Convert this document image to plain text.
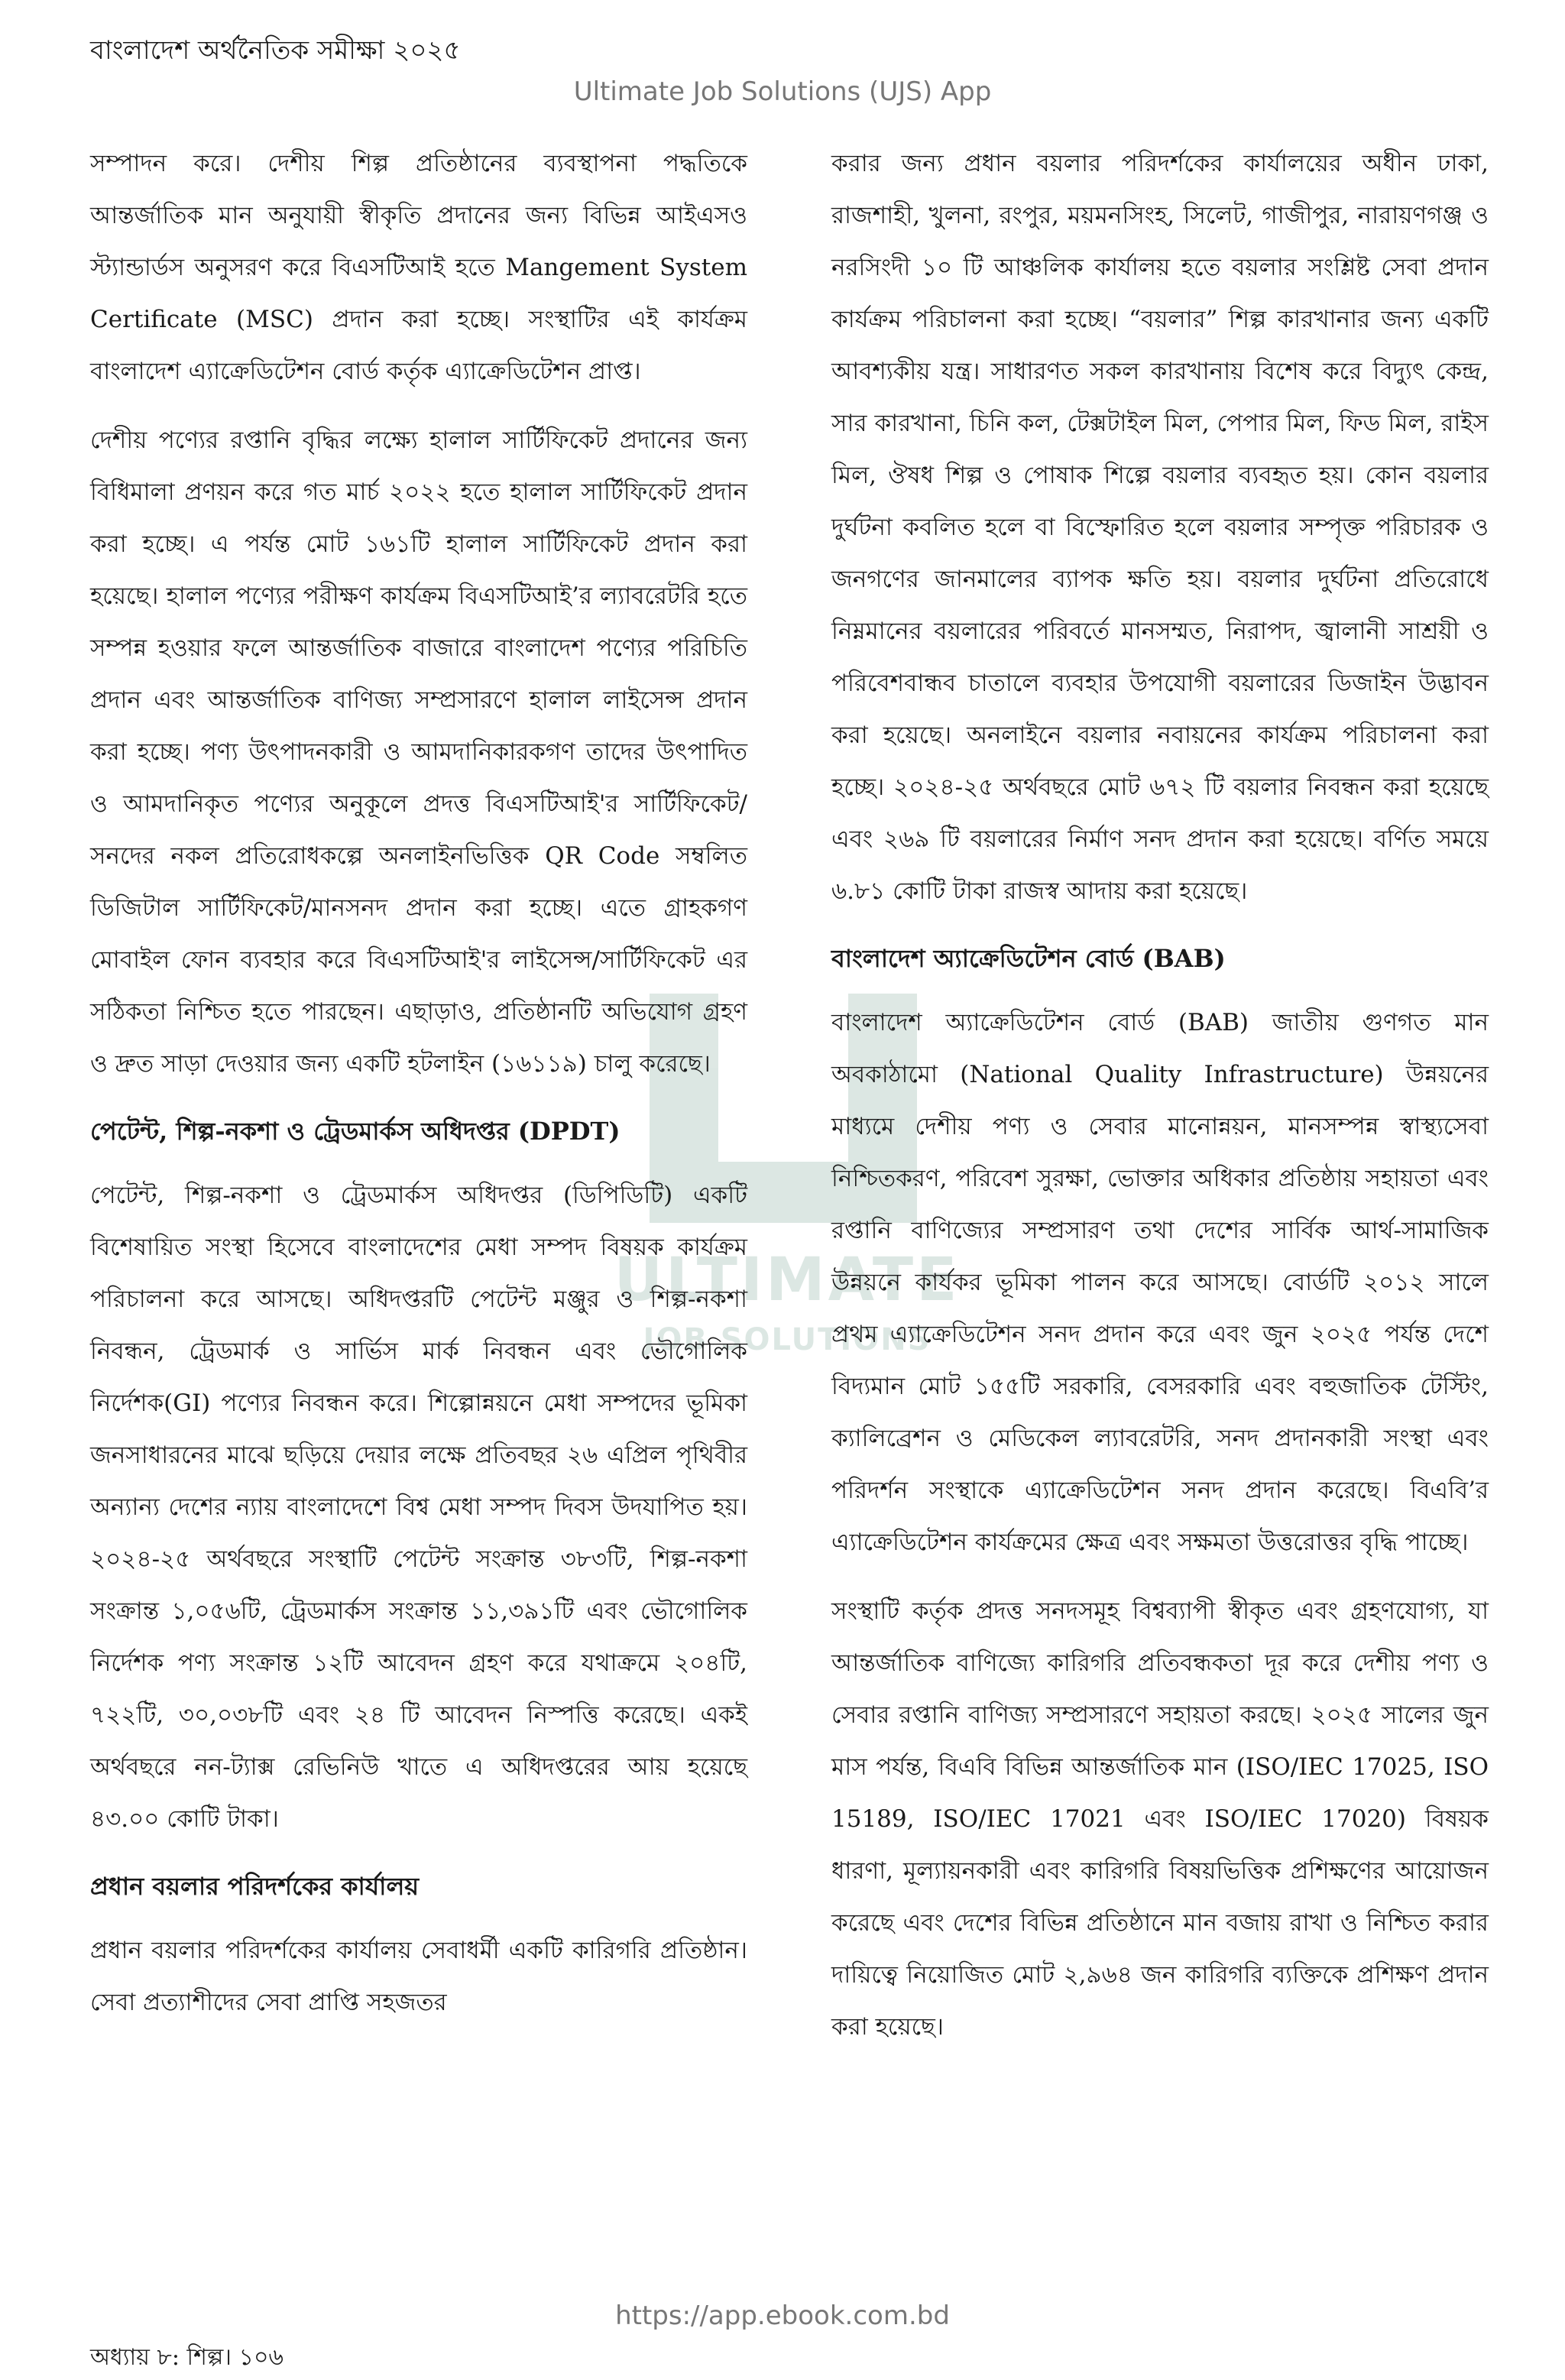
বাংলাদেশ অর্থনৈতিক সমীক্ষা ২০২৫
Ultimate Job Solutions (UJS) App
ULTIMATE
JOB SOLUTIONS

সম্পাদন করে। দেশীয় শিল্প প্রতিষ্ঠানের ব্যবস্থাপনা পদ্ধতিকে আন্তর্জাতিক মান অনুযায়ী স্বীকৃতি প্রদানের জন্য বিভিন্ন আইএসও স্ট্যান্ডার্ডস অনুসরণ করে বিএসটিআই হতে Mangement System Certificate (MSC) প্রদান করা হচ্ছে। সংস্থাটির এই কার্যক্রম বাংলাদেশ এ্যাক্রেডিটেশন বোর্ড কর্তৃক এ্যাক্রেডিটেশন প্রাপ্ত।

দেশীয় পণ্যের রপ্তানি বৃদ্ধির লক্ষ্যে হালাল সার্টিফিকেট প্রদানের জন্য বিধিমালা প্রণয়ন করে গত মার্চ ২০২২ হতে হালাল সার্টিফিকেট প্রদান করা হচ্ছে। এ পর্যন্ত মোট ১৬১টি হালাল সার্টিফিকেট প্রদান করা হয়েছে। হালাল পণ্যের পরীক্ষণ কার্যক্রম বিএসটিআই’র ল্যাবরেটরি হতে সম্পন্ন হওয়ার ফলে আন্তর্জাতিক বাজারে বাংলাদেশ পণ্যের পরিচিতি প্রদান এবং আন্তর্জাতিক বাণিজ্য সম্প্রসারণে হালাল লাইসেন্স প্রদান করা হচ্ছে। পণ্য উৎপাদনকারী ও আমদানিকারকগণ তাদের উৎপাদিত ও আমদানিকৃত পণ্যের অনুকূলে প্রদত্ত বিএসটিআই'র সার্টিফিকেট/সনদের নকল প্রতিরোধকল্পে অনলাইনভিত্তিক QR Code সম্বলিত ডিজিটাল সার্টিফিকেট/মানসনদ প্রদান করা হচ্ছে। এতে গ্রাহকগণ মোবাইল ফোন ব্যবহার করে বিএসটিআই'র লাইসেন্স/সার্টিফিকেট এর সঠিকতা নিশ্চিত হতে পারছেন। এছাড়াও, প্রতিষ্ঠানটি অভিযোগ গ্রহণ ও দ্রুত সাড়া দেওয়ার জন্য একটি হটলাইন (১৬১১৯) চালু করেছে।

পেটেন্ট, শিল্প-নকশা ও ট্রেডমার্কস অধিদপ্তর (DPDT)

পেটেন্ট, শিল্প-নকশা ও ট্রেডমার্কস অধিদপ্তর (ডিপিডিটি) একটি বিশেষায়িত সংস্থা হিসেবে বাংলাদেশের মেধা সম্পদ বিষয়ক কার্যক্রম পরিচালনা করে আসছে। অধিদপ্তরটি পেটেন্ট মঞ্জুর ও শিল্প-নকশা নিবন্ধন, ট্রেডমার্ক ও সার্ভিস মার্ক নিবন্ধন এবং ভৌগোলিক নির্দেশক(GI) পণ্যের নিবন্ধন করে। শিল্পোন্নয়নে মেধা সম্পদের ভূমিকা জনসাধারনের মাঝে ছড়িয়ে দেয়ার লক্ষে প্রতিবছর ২৬ এপ্রিল পৃথিবীর অন্যান্য দেশের ন্যায় বাংলাদেশে বিশ্ব মেধা সম্পদ দিবস উদযাপিত হয়। ২০২৪-২৫ অর্থবছরে সংস্থাটি পেটেন্ট সংক্রান্ত ৩৮৩টি, শিল্প-নকশা সংক্রান্ত ১,০৫৬টি, ট্রেডমার্কস সংক্রান্ত ১১,৩৯১টি এবং ভৌগোলিক নির্দেশক পণ্য সংক্রান্ত ১২টি আবেদন গ্রহণ করে যথাক্রমে ২০৪টি, ৭২২টি, ৩০,০৩৮টি এবং ২৪ টি আবেদন নিস্পত্তি করেছে। একই অর্থবছরে নন-ট্যাক্স রেভিনিউ খাতে এ অধিদপ্তরের আয় হয়েছে ৪৩.০০ কোটি টাকা।

প্রধান বয়লার পরিদর্শকের কার্যালয়

প্রধান বয়লার পরিদর্শকের কার্যালয় সেবাধর্মী একটি কারিগরি প্রতিষ্ঠান। সেবা প্রত্যাশীদের সেবা প্রাপ্তি সহজতর

করার জন্য প্রধান বয়লার পরিদর্শকের কার্যালয়ের অধীন ঢাকা, রাজশাহী, খুলনা, রংপুর, ময়মনসিংহ, সিলেট, গাজীপুর, নারায়ণগঞ্জ ও নরসিংদী ১০ টি আঞ্চলিক কার্যালয় হতে বয়লার সংশ্লিষ্ট সেবা প্রদান কার্যক্রম পরিচালনা করা হচ্ছে। “বয়লার” শিল্প কারখানার জন্য একটি আবশ্যকীয় যন্ত্র। সাধারণত সকল কারখানায় বিশেষ করে বিদ্যুৎ কেন্দ্র, সার কারখানা, চিনি কল, টেক্সটাইল মিল, পেপার মিল, ফিড মিল, রাইস মিল, ঔষধ শিল্প ও পোষাক শিল্পে বয়লার ব্যবহৃত হয়। কোন বয়লার দুর্ঘটনা কবলিত হলে বা বিস্ফোরিত হলে বয়লার সম্পৃক্ত পরিচারক ও জনগণের জানমালের ব্যাপক ক্ষতি হয়। বয়লার দুর্ঘটনা প্রতিরোধে নিম্নমানের বয়লারের পরিবর্তে মানসম্মত, নিরাপদ, জ্বালানী সাশ্রয়ী ও পরিবেশবান্ধব চাতালে ব্যবহার উপযোগী বয়লারের ডিজাইন উদ্ভাবন করা হয়েছে। অনলাইনে বয়লার নবায়নের কার্যক্রম পরিচালনা করা হচ্ছে। ২০২৪-২৫ অর্থবছরে মোট ৬৭২ টি বয়লার নিবন্ধন করা হয়েছে এবং ২৬৯ টি বয়লারের নির্মাণ সনদ প্রদান করা হয়েছে। বর্ণিত সময়ে ৬.৮১ কোটি টাকা রাজস্ব আদায় করা হয়েছে।

বাংলাদেশ অ্যাক্রেডিটেশন বোর্ড (BAB)

বাংলাদেশ অ্যাক্রেডিটেশন বোর্ড (BAB) জাতীয় গুণগত মান অবকাঠামো (National Quality Infrastructure) উন্নয়নের মাধ্যমে দেশীয় পণ্য ও সেবার মানোন্নয়ন, মানসম্পন্ন স্বাস্থ্যসেবা নিশ্চিতকরণ, পরিবেশ সুরক্ষা, ভোক্তার অধিকার প্রতিষ্ঠায় সহায়তা এবং রপ্তানি বাণিজ্যের সম্প্রসারণ তথা দেশের সার্বিক আর্থ-সামাজিক উন্নয়নে কার্যকর ভূমিকা পালন করে আসছে। বোর্ডটি ২০১২ সালে প্রথম এ্যাক্রেডিটেশন সনদ প্রদান করে এবং জুন ২০২৫ পর্যন্ত দেশে বিদ্যমান মোট ১৫৫টি সরকারি, বেসরকারি এবং বহুজাতিক টেস্টিং, ক্যালিব্রেশন ও মেডিকেল ল্যাবরেটরি, সনদ প্রদানকারী সংস্থা এবং পরিদর্শন সংস্থাকে এ্যাক্রেডিটেশন সনদ প্রদান করেছে। বিএবি’র এ্যাক্রেডিটেশন কার্যক্রমের ক্ষেত্র এবং সক্ষমতা উত্তরোত্তর বৃদ্ধি পাচ্ছে।

সংস্থাটি কর্তৃক প্রদত্ত সনদসমূহ বিশ্বব্যাপী স্বীকৃত এবং গ্রহণযোগ্য, যা আন্তর্জাতিক বাণিজ্যে কারিগরি প্রতিবন্ধকতা দূর করে দেশীয় পণ্য ও সেবার রপ্তানি বাণিজ্য সম্প্রসারণে সহায়তা করছে। ২০২৫ সালের জুন মাস পর্যন্ত, বিএবি বিভিন্ন আন্তর্জাতিক মান (ISO/IEC 17025, ISO 15189, ISO/IEC 17021 এবং ISO/IEC 17020) বিষয়ক ধারণা, মূল্যায়নকারী এবং কারিগরি বিষয়ভিত্তিক প্রশিক্ষণের আয়োজন করেছে এবং দেশের বিভিন্ন প্রতিষ্ঠানে মান বজায় রাখা ও নিশ্চিত করার দায়িত্বে নিয়োজিত মোট ২,৯৬৪ জন কারিগরি ব্যক্তিকে প্রশিক্ষণ প্রদান করা হয়েছে।

https://app.ebook.com.bd
অধ্যায় ৮: শিল্প। ১০৬
